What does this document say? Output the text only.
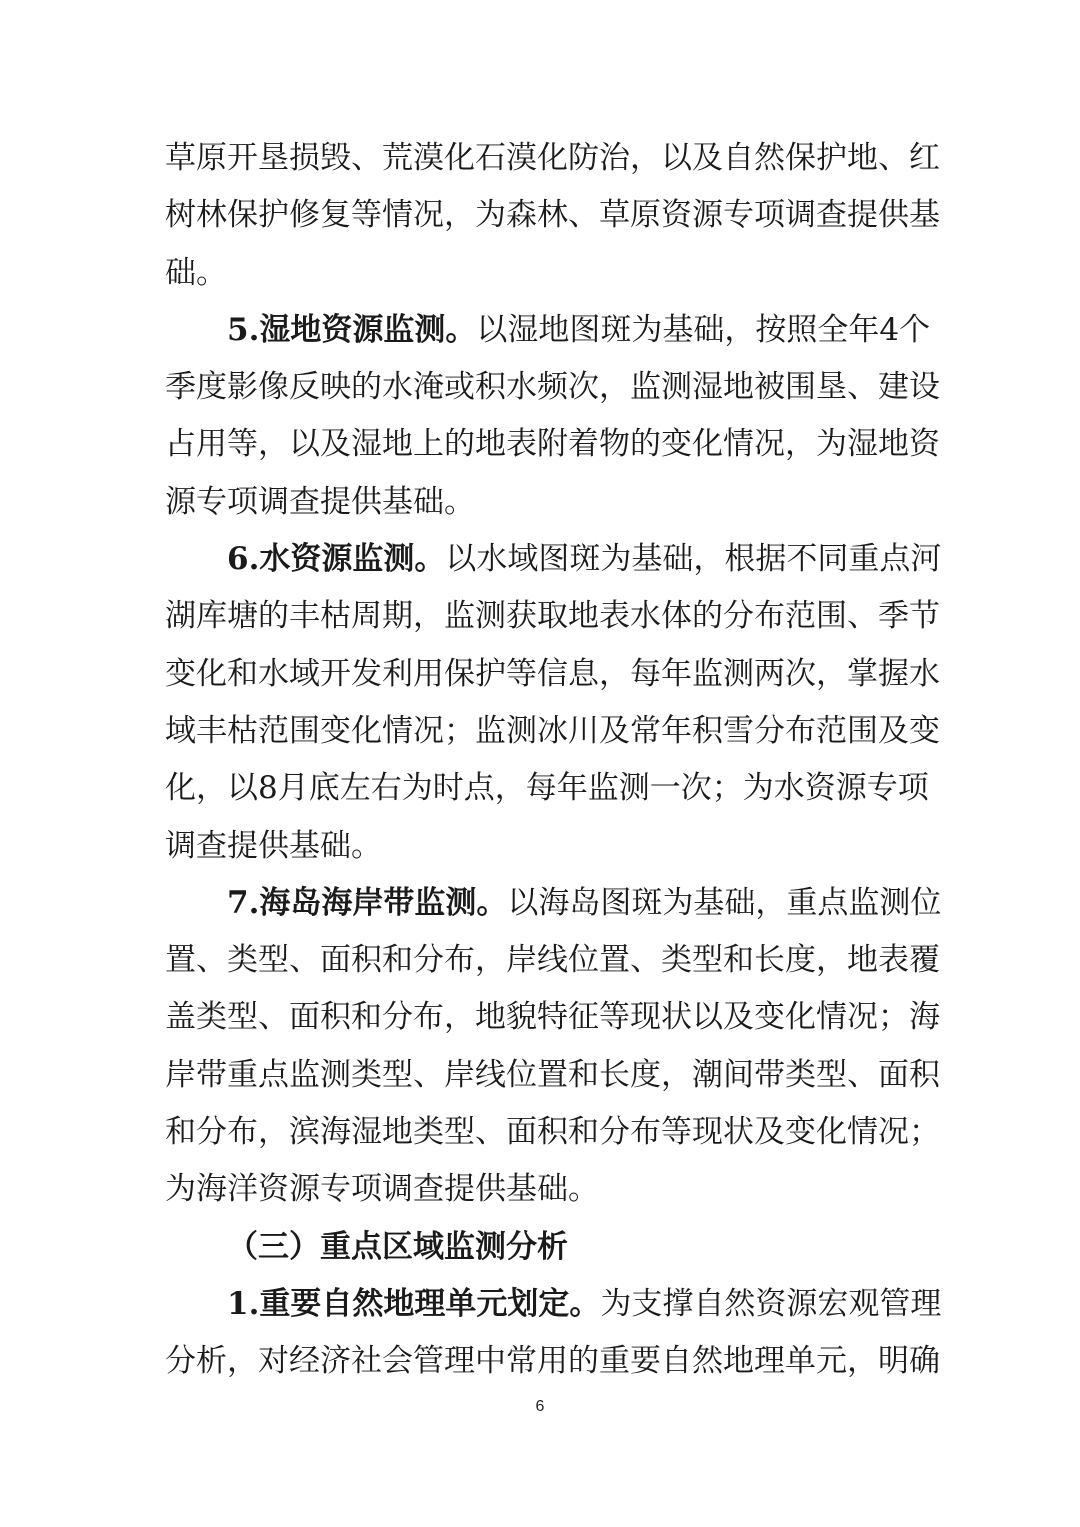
草 原 开 垦 损 毁 、 荒 漠 化 石 漠 化 防 治 ， 以 及 自 然 保 护 地 、 红
树 林 保 护 修 复 等 情 况 ， 为 森 林 、 草 原 资 源 专 项 调 查 提 供 基
础。
5 . 湿 地 资 源 监 测 。 以 湿 地 图 斑 为 基 础 ， 按 照 全 年 4 个
季 度 影 像 反 映 的 水 淹 或 积 水 频 次 ， 监 测 湿 地 被 围 垦 、 建 设
占 用 等 ， 以 及 湿 地 上 的 地 表 附 着 物 的 变 化 情 况 ， 为 湿 地 资
源专项调查提供基础。
6 . 水 资 源 监 测 。 以 水 域 图 斑 为 基 础 ， 根 据 不 同 重 点 河
湖 库 塘 的 丰 枯 周 期 ， 监 测 获 取 地 表 水 体 的 分 布 范 围 、 季 节
变 化 和 水 域 开 发 利 用 保 护 等 信 息 ， 每 年 监 测 两 次 ， 掌 握 水
域 丰 枯 范 围 变 化 情 况 ； 监 测 冰 川 及 常 年 积 雪 分 布 范 围 及 变
化 ， 以 8 月 底 左 右 为 时 点 ， 每 年 监 测 一 次 ； 为 水 资 源 专 项
调查提供基础。
7 . 海 岛 海 岸 带 监 测 。 以 海 岛 图 斑 为 基 础 ， 重 点 监 测 位
置 、 类 型 、 面 积 和 分 布 ， 岸 线 位 置 、 类 型 和 长 度 ， 地 表 覆
盖 类 型 、 面 积 和 分 布 ， 地 貌 特 征 等 现 状 以 及 变 化 情 况 ； 海
岸 带 重 点 监 测 类 型 、 岸 线 位 置 和 长 度 ， 潮 间 带 类 型 、 面 积
和 分 布 ， 滨 海 湿 地 类 型 、 面 积 和 分 布 等 现 状 及 变 化 情 况 ；
为海洋资源专项调查提供基础。
（三）重点区域监测分析
1 . 重 要 自 然 地 理 单 元 划 定 。 为 支 撑 自 然 资 源 宏 观 管 理
分 析 ， 对 经 济 社 会 管 理 中 常 用 的 重 要 自 然 地 理 单 元 ， 明 确
6
